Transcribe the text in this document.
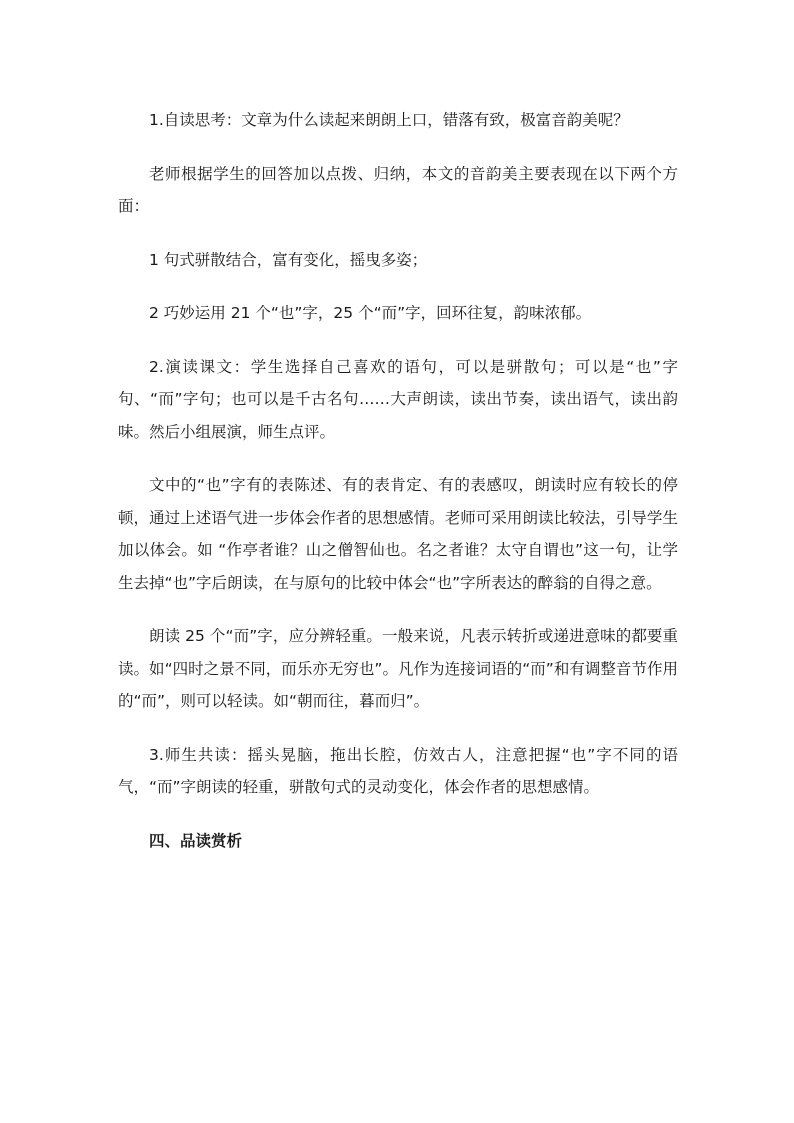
1.自读思考：文章为什么读起来朗朗上口，错落有致，极富音韵美呢？

老师根据学生的回答加以点拨、归纳，本文的音韵美主要表现在以下两个方面：

1 句式骈散结合，富有变化，摇曳多姿；

2 巧妙运用 21 个“也”字，25 个“而”字，回环往复，韵味浓郁。

2.演读课文：学生选择自己喜欢的语句，可以是骈散句；可以是“也”字句、“而”字句；也可以是千古名句……大声朗读，读出节奏，读出语气，读出韵味。然后小组展演，师生点评。

文中的“也”字有的表陈述、有的表肯定、有的表感叹，朗读时应有较长的停顿，通过上述语气进一步体会作者的思想感情。老师可采用朗读比较法，引导学生加以体会。如 “作亭者谁？山之僧智仙也。名之者谁？太守自谓也”这一句，让学生去掉“也”字后朗读，在与原句的比较中体会“也”字所表达的醉翁的自得之意。

朗读 25 个“而”字，应分辨轻重。一般来说，凡表示转折或递进意味的都要重读。如“四时之景不同，而乐亦无穷也”。凡作为连接词语的“而”和有调整音节作用的“而”，则可以轻读。如“朝而往，暮而归”。

3.师生共读：摇头晃脑，拖出长腔，仿效古人，注意把握“也”字不同的语气，“而”字朗读的轻重，骈散句式的灵动变化，体会作者的思想感情。

四、品读赏析
